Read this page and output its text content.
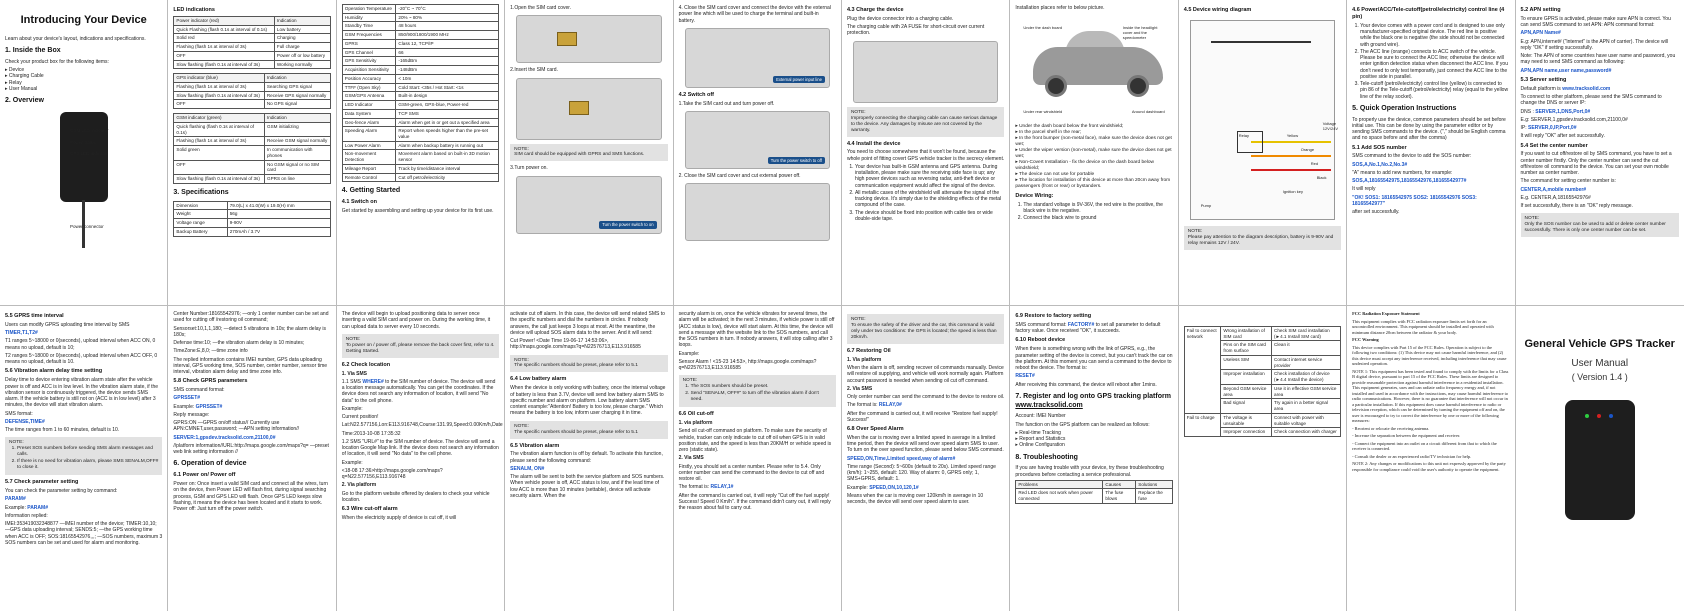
Introducing Your Device

Learn about your device's layout, indications and specifications.

1. Inside the Box

Check your product box for the following items:

▸ Device
▸ Charging Cable
▸ Relay
▸ User Manual
2. Overview
GSM LED indicator
Power status
GPS LED indicator
Power connector
LED indications
Power indicator (red)	Indication
Quick Flashing (flash 0.1s at interval of 0.1s)	Low battery
Solid red	Charging
Flashing (flash 1s at interval of 3s)	Full charge
OFF	Power off or low battery
Slow flashing (flash 0.1s at interval of 3s)	Working normally
GPS indicator (blue)	Indication
Flashing (flash 1s at interval of 3s)	Searching GPS signal
Slow flashing (flash 0.1s at interval of 3s)	Receive GPS signal normally
OFF	No GPS signal
GSM indicator (green)	Indication
Quick flashing (flash 0.1s at interval of 0.1s)	GSM initializing
Flashing (flash 1s at interval of 3s)	Receive GSM signal normally
Solid green	In communication with phones
OFF	No GSM signal or no SIM card
Slow flashing (flash 0.1s at interval of 3s)	GPRS on line
3. Specifications
Dimension	79.0(L) x 41.0(W) x 19.0(H) mm
Weight	56g
Voltage range	9-90V
Backup Battery	270mAh / 3.7V
Operation Temperature	-20°C ~ 70°C
Humidity	20% ~ 80%
Standby Time	48 hours
GSM Frequencies	850/900/1800/1900 MHz
GPRS	Class 12, TCP/IP
GPS Channel	66
GPS Sensitivity	-165dBm
Acquisition Sensitivity	-148dBm
Position Accuracy	< 10m
TTFF (Open Sky)	Cold Start: <35s / Hot Start: <1s
GSM/GPS Antenna	Built-in design
LED Indicator	GSM-green, GPS-blue, Power-red
Data System	TCP SMS
Geo-fence Alarm	Alarm when get in or get out a specified area
Speeding Alarm	Report when speeds higher than the pre-set value
Low Power Alarm	Alarm when backup battery is running out
Non-movement Detection	Movement alarm based on built-in 3D motion sensor
Mileage Report	Track by time/distance interval
Remote Control	Cut off petrol/electricity
4. Getting Started
4.1 Switch on

Get started by assembling and setting up your device for its first use.

1.Open the SIM card cover.

2.Insert the SIM card.

NOTE:
SIM card should be equipped with GPRS and SMS functions.

3.Turn power on.

Turn the power switch to on

4. Close the SIM card cover and connect the device with the external power line which will be used to charge the terminal and built-in battery.

External power input line
4.2 Switch off

1.Take the SIM card out and turn power off.

Turn the power switch to off

2. Close the SIM card cover and cut external power off.

4.3 Charge the device

Plug the device connector into a charging cable.

The charging cable with 2A FUSE for short-circuit over current protection.

NOTE:
Improperly connecting the charging cable can cause serious damage to the device. Any damages by misuse are not covered by the warranty.
4.4 Install the device

You need to choose somewhere that it won't be found, because the whole point of fitting covert GPS vehicle tracker is the secrecy element.

1. Your device has built-in GSM antenna and GPS antenna. During installation, please make sure the receiving side face is up; any high power devices such as reversing radar, anti-theft device or communication equipment would affect the signal of the device.
2. All metallic cases of the windshield will attenuate the signal of the tracking device. It's simply due to the shielding effects of the metal compound of the case.
3. The device should be fixed into position with cable ties or wide double-side tape.

Installation places refer to below picture.

Under the dash board	Inside the headlight cover and the speedometer
Under rear windshield	Around dashboard
▸ Under the dash board below the front windshield;
▸ In the parcel shelf in the rear;
▸ In the front bumper (non-metal face), make sure the device does not get wet;
▸ Under the wiper version (non-metal), make sure the device does not get wet;
▸ Non-Covert Installation - fix the device on the dash board below windshield;
▸ The device can not use for portable
▸ The location for installation of this device at more than 20cm away from passengers (front or rear) or bystanders.
Device Wiring:
1. The standard voltage is 9V-36V, the red wire is the positive, the black wire is the negative.
2. Connect the black wire to ground
4.5 Device wiring diagram
Relay	Yellow
Orange
Red
Black
Ignition key
Pump
Voltage 12V/24V
NOTE:
Please pay attention to the diagram description, battery is 9-90V and relay remains 12V / 24V.
4.6 Power/ACC/Tele-cutoff(petrol/electricity) control line (4 pin)
1. Your device comes with a power cord and is designed to use only manufacturer-specified original device. The red line is positive while the black one is negative (the side should not be connected with ground wire).
2. The ACC line (orange) connects to ACC switch of the vehicle. Please be sure to connect the ACC line; otherwise the device will enter ignition detection status when disconnect the ACC line. If you don't need to only test temporarily, just connect the ACC line to the positive side in parallel.
3. Tele-cutoff (petrol/electricity) control line (yellow) is connected to pin 86 of the Tele-cutoff (petrol/electricity) relay (equal to the yellow line of the relay socket).
5. Quick Operation Instructions

To properly use the device, common parameters should be set before initial use. This can be done by using the parameter editor or by sending SMS commands to the device. ("," should be English comma and no space before and after the comma)

5.1 Add SOS number

SMS command to the device to add the SOS number:

SOS,A,No.1,No.2,No.3#

"A" means to add new numbers, for example:

SOS,A,18165542975,18165542976,18165542977#

It will reply

"OK! SOS1: 18165542975 SOS2: 18165542976 SOS3: 18165542977"

after set successfully.

5.2 APN setting

To ensure GPRS is activated, please make sure APN is correct. You can send SMS command to set APN: APN command format:

APN,APN Name#

E.g: APN,internet# ("internet" is the APN of carrier). The device will reply "OK" if setting successfully.

Note: The APN of some countries have user name and password, you may need to send SMS command as following:

APN,APN name,user name,password#

5.3 Server setting

Default platform is www.tracksolid.com

To connect to other platform, please send the SMS command to change the DNS or server IP:

DNS : SERVER,1,DNS,Port,0#

E.g: SERVER,1,gpsdev.tracksolid.com,21100,0#

IP: SERVER,0,IP,Port,0#

It will reply "OK" after set successfully.

5.4 Set the center number

If you want to cut off/restore oil by SMS command, you have to set a center number firstly. Only the center number can send the cut off/restore oil command to the device. You can set your own mobile number as center number.

The command for setting center number is:

CENTER,A,mobile number#

E.g. CENTER,A,18165542976#

If set successfully, there is an "OK" reply message.

NOTE:
Only the SOS number can be used to add or delete center number successfully. There is only one center number can be set.
5.5 GPRS time interval

Users can modify GPRS uploading time interval by SMS

TIMER,T1,T2#

T1 ranges 5~18000 or 0(seconds), upload interval when ACC ON, 0 means no upload, default is 10;

T2 ranges 5~18000 or 0(seconds), upload interval when ACC OFF, 0 means no upload, default is 10.

5.6 Vibration alarm delay time setting

Delay time to device entering vibration alarm state after the vehicle power is off and ACC is in low level. In the vibration alarm state, if the vibration sensor is continuously triggered, the device sends SMS alarm. If the vehicle battery is still not on (ACC is in low level) after 3 minutes, the device will start vibration alarm.

SMS format:

DEFENSE,TIME#

The time ranges from 1 to 60 minutes, default is 10.

NOTE:
1. Preset SOS numbers before sending SMS alarm messages and calls.
2. If there is no need for vibration alarm, please SMS SENALM,OFF# to close it.
5.7 Check parameter setting

You can check the parameter setting by command:

PARAM#

Example: PARAM#

Information replied:

IMEI:353419032348877 —IMEI number of the device; TIMER:10,10; —GPS data uploading interval; SENDS:5; —the GPS working time when ACC is OFF; SOS:18165542976,,,; —SOS numbers, maximum 3 SOS numbers can be set and used for alarm and monitoring.

Center Number:18165542976; —only 1 center number can be set and used for cutting off /restoring oil command;

Sensorset:10,1,1,180; —detect 5 vibrations in 10s; the alarm delay is 180s;

Defense time:10; —the vibration alarm delay is 10 minutes;

TimeZone:E,8,0; —time zone info

The replied information contains IMEI number, GPS data uploading interval, GPS working time, SOS number, center number, sensor time interval, vibration alarm delay and time zone info.

5.8 Check GPRS parameters

SMS command format:

GPRSSET#

Example: GPRSSET#

Reply message:

GPRS:ON —GPRS on/off status// Currently use APN:CMNET,user,password; —APN setting information//

SERVER:1,gpsdev.tracksolid.com,21100,0#

//platform information//URL:http://maps.google.com/maps?q= —preset web link setting information //

6. Operation of device
6.1 Power on/ Power off

Power on: Once insert a valid SIM card and connect all the wires, turn on the device, then Power LED will flash first, during signal searching process, GSM and GPS LED will flash. Once GPS LED keeps slow flashing, it means the device has been located and it starts to work. Power off: Just turn off the power switch.

The device will begin to upload positioning data to server once inserting a valid SIM card and power on. During the working time, it can upload data to server every 10 seconds.

NOTE:
To power on / power off, please remove the back cover first, refer to 4. Getting Started.
6.2 Check location

1. Via SMS

1.1 SMS WHERE# to the SIM number of device. The device will send a location message automatically. You can get the coordinates. If the device does not search any information of location, it will send "No data" to the cell phone.

Example:

Current position!

Lat:N22.577156,Lon:E113.916748,Course:131.99,Speed:0.00Km/h,Date

Time:2013-10-08 17:35:32

1.2 SMS "URL#" to the SIM number of device. The device will send a location Google Map link. If the device does not search any information of location, it will send "No data" to the cell phone.

Example:

<18-08 17:36>http://maps.google.com/maps?q=N22.577156,E113.916748

2. Via platform

Go to the platform website offered by dealers to check your vehicle location.

6.3 Wire cut-off alarm

When the electricity supply of device is cut off, it will

activate cut off alarm. In this case, the device will send related SMS to the specific numbers and dial the numbers in circles. If nobody answers, the call just keeps 3 loops at most. At the meantime, the device will upload SOS alarm data to the server. And it will send:

Cut Power! <Date Time 19-06-17 14:53:06>, http://maps.google.com/maps?q=N22576713,E113.916585

NOTE:
The specific numbers should be preset, please refer to 5.1
6.4 Low battery alarm

When the device is only working with battery, once the internal voltage of battery is less than 3.7V, device will send low battery alarm SMS to specific number and alarm on platform. Low battery alarm SMS content example:"Attention! Battery is too low, please charge." Which means the battery is too low, inform user charging it in time.

NOTE:
The specific numbers should be preset, please refer to 5.1
6.5 Vibration alarm

The vibration alarm function is off by default. To activate this function, please send the following command:

SENALM, ON#

The alarm will be sent to both the service platform and SOS numbers. When vehicle power is off, ACC status is low, and if the lead time of low ACC is more than 10 minutes (settable), device will activate security alarm. When the

security alarm is on, once the vehicle vibrates for several times, the alarm will be activated; in the next 3 minutes, if vehicle power is still off (ACC status is low), device will start alarm. At this time, the device will send a message with the website link to the SOS numbers, and call the SOS numbers in turn. If nobody answers, it will stop calling after 3 loops.

Example:

Sensor Alarm ! <15-23 14:53>, http://maps.google.com/maps?q=N22576713,E113.916585

NOTE:
1. The SOS numbers should be preset.
2. Send "SENALM, OFF#" to turn off the vibration alarm if don't need.
6.6 Oil cut-off

1. via platform

Send oil cut-off command on platform. To make sure the security of vehicle, tracker can only indicate to cut off oil when GPS is in valid position state, and the speed is less than 20KM/H or vehicle speed is zero (static state).

2. Via SMS

Firstly, you should set a center number. Please refer to 5.4. Only center number can send the command to the device to cut off and restore oil.

The format is: RELAY,1#

After the command is carried out, it will reply "Cut off the fuel supply! Success! Speed 0 Km/h". If the command didn't carry out, it will reply the reason about fail to carry out.

NOTE:
To ensure the safety of the driver and the car, this command is valid only under two conditions: the GPS is located; the speed is less than 20km/h.
6.7 Restoring Oil

1. Via platform

When the alarm is off, sending recover oil commands manually. Device will restore oil supplying, and vehicle will work normally again. Platform account password is needed when sending oil cut off command.

2. Via SMS

Only center number can send the command to the device to restore oil.

The format is: RELAY,0#

After the command is carried out, it will receive "Restore fuel supply! Success!"

6.8 Over Speed Alarm

When the car is moving over a limited speed in average in a limited time period, then the device will send over speed alarm SMS to user. To turn on the over speed function, please send below SMS command.

SPEED,ON,Time,Limited speed,way of alarm#

Time range (Second): 5~600s (default to 20s). Limited speed range (km/h): 1~255, default: 120. Way of alarm: 0, GPRS only; 1, SMS+GPRS, default: 1.

Example: SPEED,ON,10,120,1#

Means when the car is moving over 120km/h in average in 10 seconds, the device will send over speed alarm to user.

6.9 Restore to factory setting

SMS command format: FACTORY# to set all parameter to default factory value. Once received "OK", it succeeds.

6.10 Reboot device

When there is something wrong with the link of GPRS, e.g., the parameter setting of the device is correct, but you can't track the car on the platform. At this moment you can send a command to the device to reboot the device. The format is:

RESET#

After receiving this command, the device will reboot after 1mins.

7. Register and log onto GPS tracking platform www.tracksolid.com

Account: IMEI Number

The function on the GPS platform can be realized as follows:

▸ Real-time Tracking
▸ Report and Statistics
▸ Online Configuration
8. Troubleshooting

If you are having trouble with your device, try these troubleshooting procedures before contacting a service professional.

Problems	Causes	Solutions
Red LED does not work when power connected	The fuse blows	Replace the fuse
Fail to connect network	Wrong installation of SIM card	Check SIM card installation (►4.1 Install SIM card)
	Pins on the SIM card from surface	Clean it
	Useless SIM	Contact internet service provider
	Improper installation	Check installation of device (►4.4 Install the device)
	Beyond GSM service area	Use it in effective GSM service area
	Bad signal	Try again in a better signal area
Fail to charge	The voltage is unsuitable	Connect with power with suitable voltage
	Improper connection	Check connection with charger

FCC Radiation Exposure Statement

This equipment complies with FCC radiation exposure limits set forth for an uncontrolled environment. This equipment should be installed and operated with minimum distance 20cm between the radiator & your body.

FCC Warning

This device complies with Part 15 of the FCC Rules. Operation is subject to the following two conditions: (1) This device may not cause harmful interference, and (2) this device must accept any interference received, including interference that may cause undesired operation.

NOTE 1: This equipment has been tested and found to comply with the limits for a Class B digital device, pursuant to part 15 of the FCC Rules. These limits are designed to provide reasonable protection against harmful interference in a residential installation. This equipment generates, uses and can radiate radio frequency energy and, if not installed and used in accordance with the instructions, may cause harmful interference to radio communications. However, there is no guarantee that interference will not occur in a particular installation. If this equipment does cause harmful interference to radio or television reception, which can be determined by turning the equipment off and on, the user is encouraged to try to correct the interference by one or more of the following measures:

- Reorient or relocate the receiving antenna.

- Increase the separation between the equipment and receiver.

- Connect the equipment into an outlet on a circuit different from that to which the receiver is connected.

- Consult the dealer or an experienced radio/TV technician for help.

NOTE 2: Any changes or modifications to this unit not expressly approved by the party responsible for compliance could void the user's authority to operate the equipment.

General Vehicle GPS Tracker
User Manual
( Version 1.4 )
